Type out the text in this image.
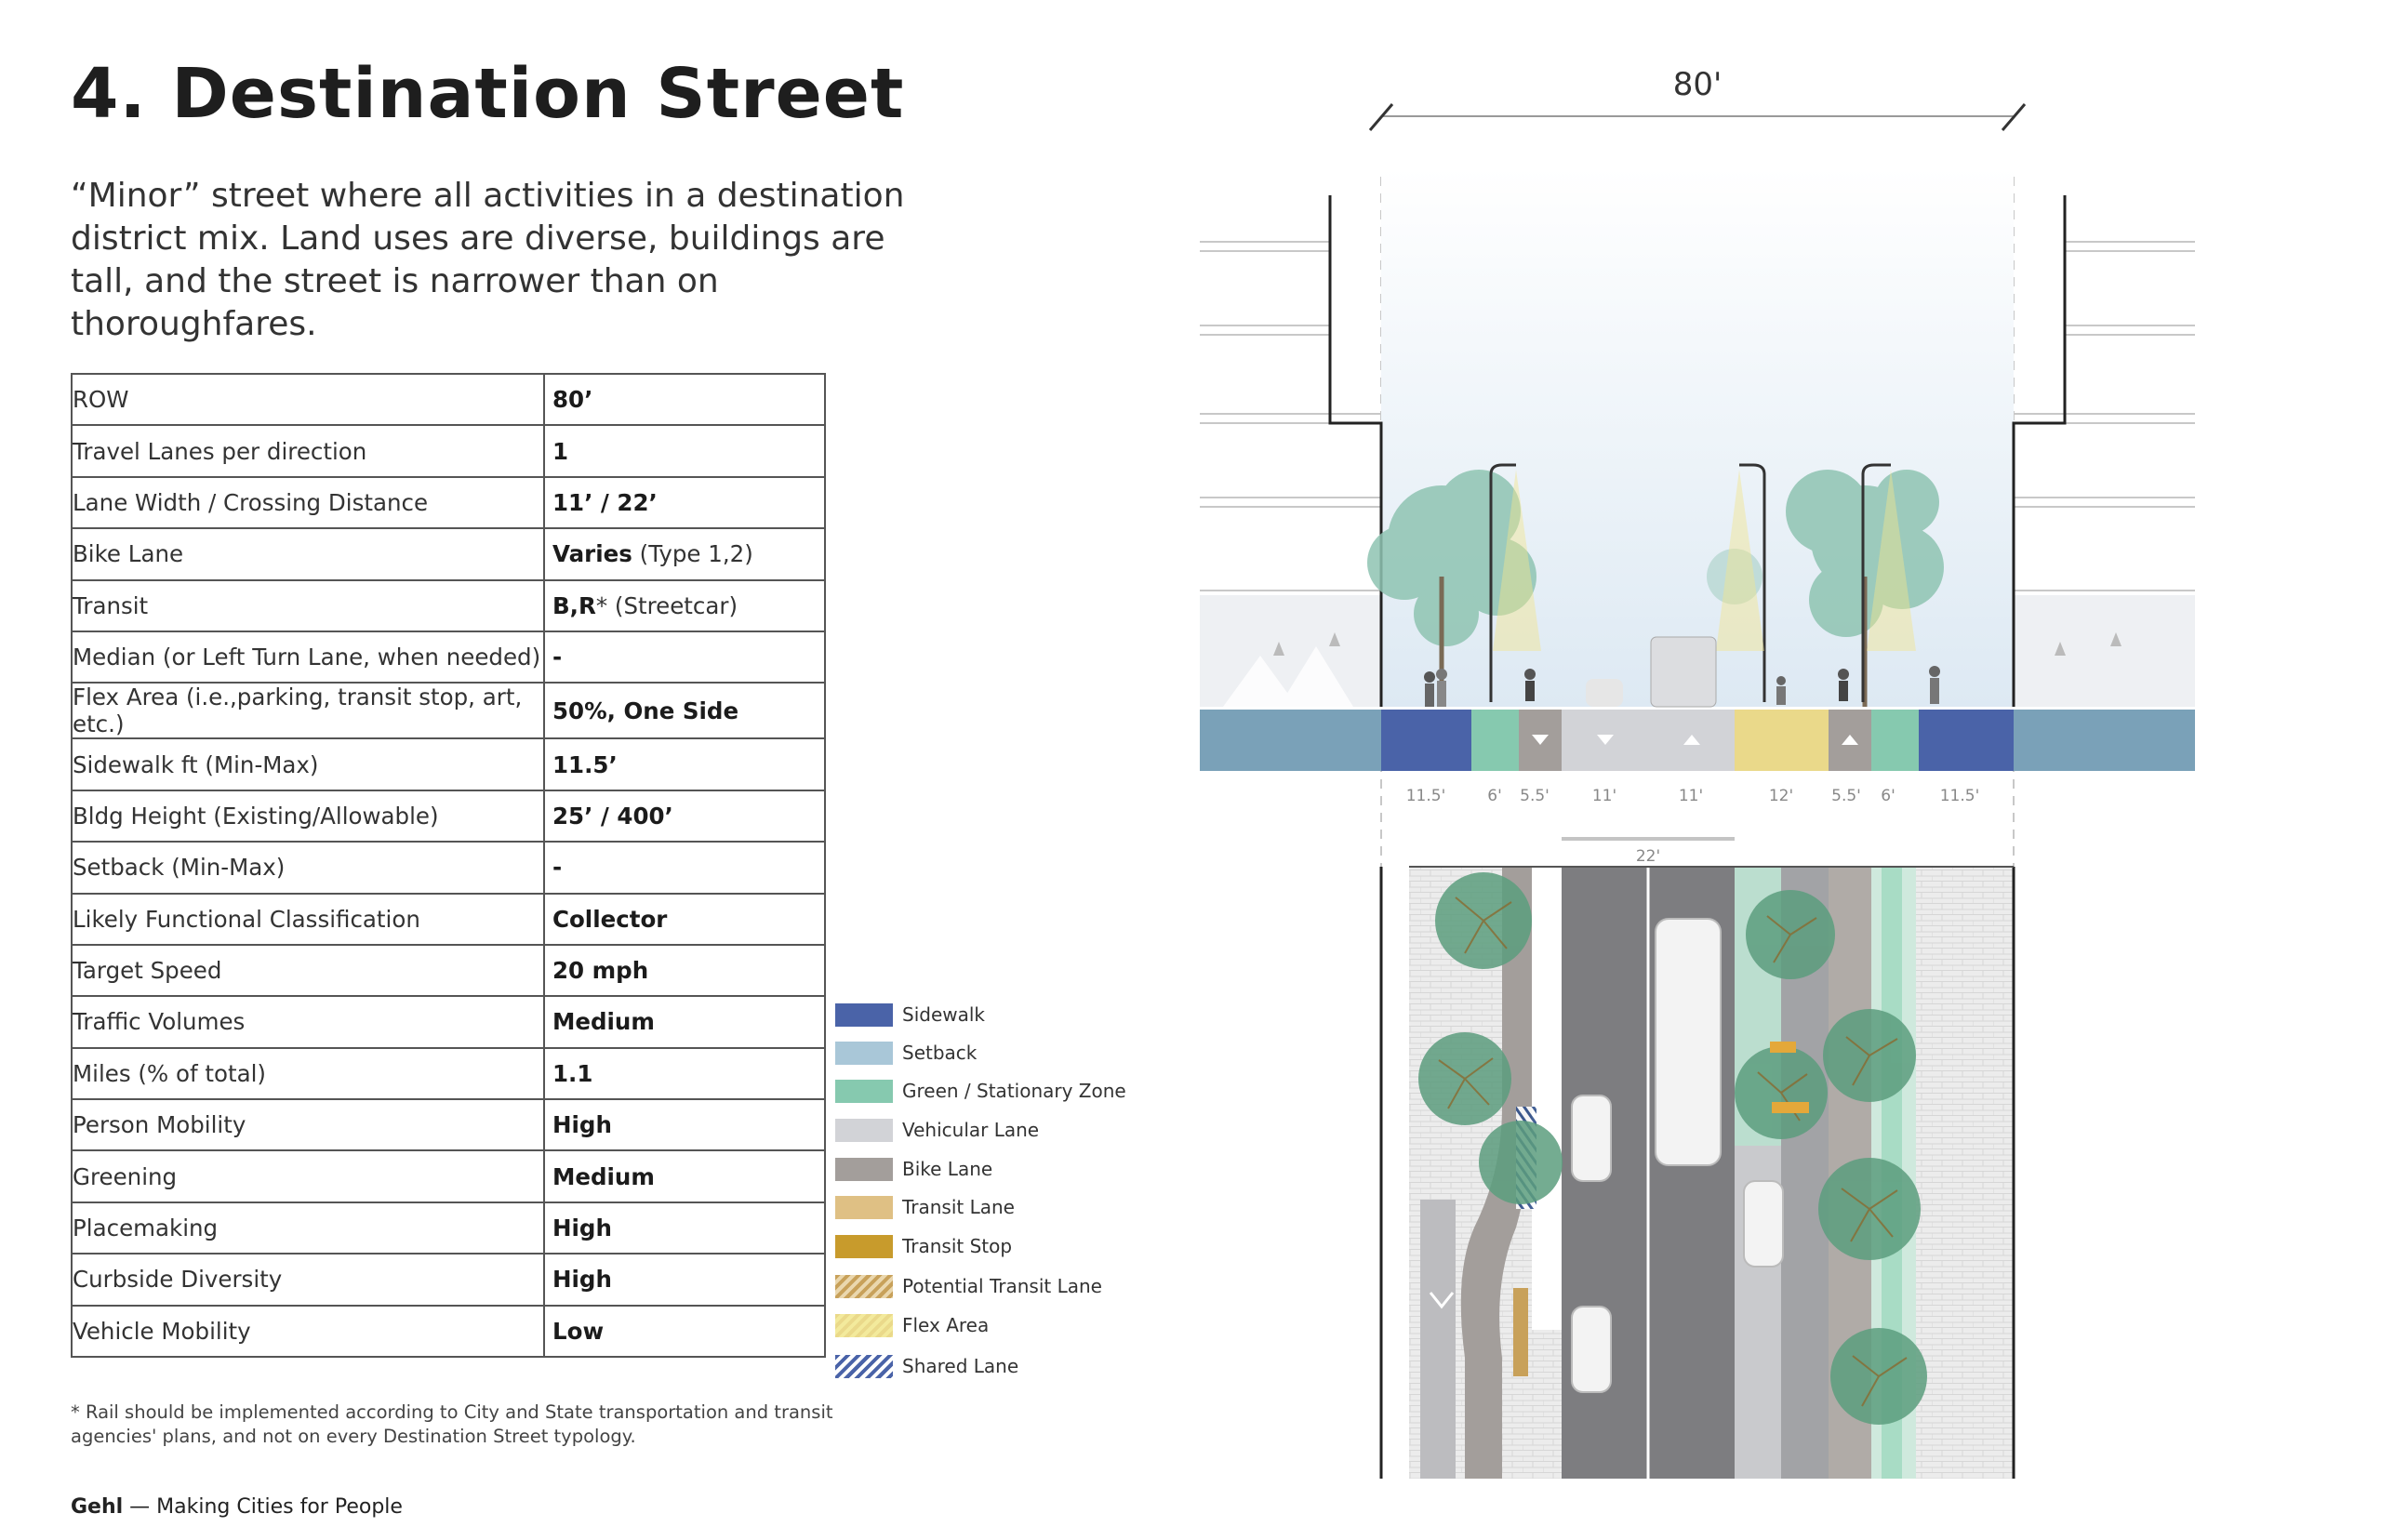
4. Destination Street

“Minor” street where all activities in a destination district mix. Land uses are diverse, buildings are tall, and the street is narrower than on thoroughfares.

ROW	80’
Travel Lanes per direction	1
Lane Width / Crossing Distance	11’ / 22’
Bike Lane	Varies (Type 1,2)
Transit	B,R* (Streetcar)
Median (or Left Turn Lane, when needed)	-
Flex Area (i.e.,parking, transit stop, art, etc.)	50%, One Side
Sidewalk ft (Min-Max)	11.5’
Bldg Height (Existing/Allowable)	25’ / 400’
Setback (Min-Max)	-
Likely Functional Classification	Collector
Target Speed	20 mph
Traffic Volumes	Medium
Miles (% of total)	1.1
Person Mobility	High
Greening	Medium
Placemaking	High
Curbside Diversity	High
Vehicle Mobility	Low

* Rail should be implemented according to City and State transportation and transit agencies' plans, and not on every Destination Street typology.

Gehl — Making Cities for People

Sidewalk
Setback
Green / Stationary Zone
Vehicular Lane
Bike Lane
Transit Lane
Transit Stop
Potential Transit Lane
Flex Area
Shared Lane
80'
11.5'	6' 5.5'	11'	11'	12' 5.5' 6'	11.5'
22'
